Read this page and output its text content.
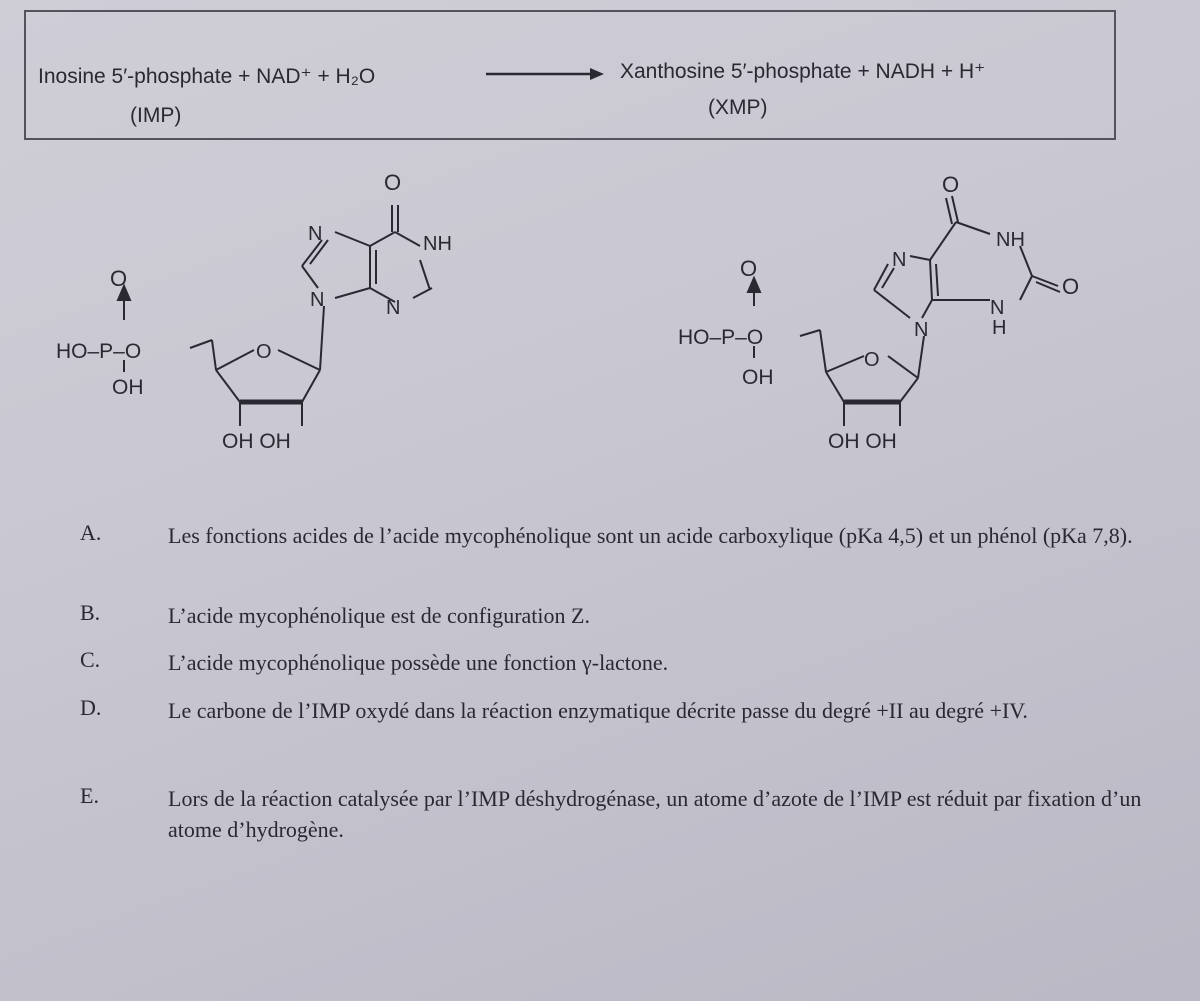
Inosine 5′-phosphate + NAD⁺ + H₂O
(IMP)
Xanthosine 5′-phosphate + NADH + H⁺
(XMP)
O
NH
N
N	N
O
HO–P–O
OH
O
OH OH
O
NH
N
N
N
H
O
O
HO–P–O
OH
O
OH OH
A.	Les fonctions acides de l’acide mycophénolique sont un acide carboxylique (pKa 4,5) et un phénol (pKa 7,8).
B.	L’acide mycophénolique est de configuration Z.
C.	L’acide mycophénolique possède une fonction γ-lactone.
D.	Le carbone de l’IMP oxydé dans la réaction enzymatique décrite passe du degré +II au degré +IV.
E.	Lors de la réaction catalysée par l’IMP déshydrogénase, un atome d’azote de l’IMP est réduit par fixation d’un atome d’hydrogène.
